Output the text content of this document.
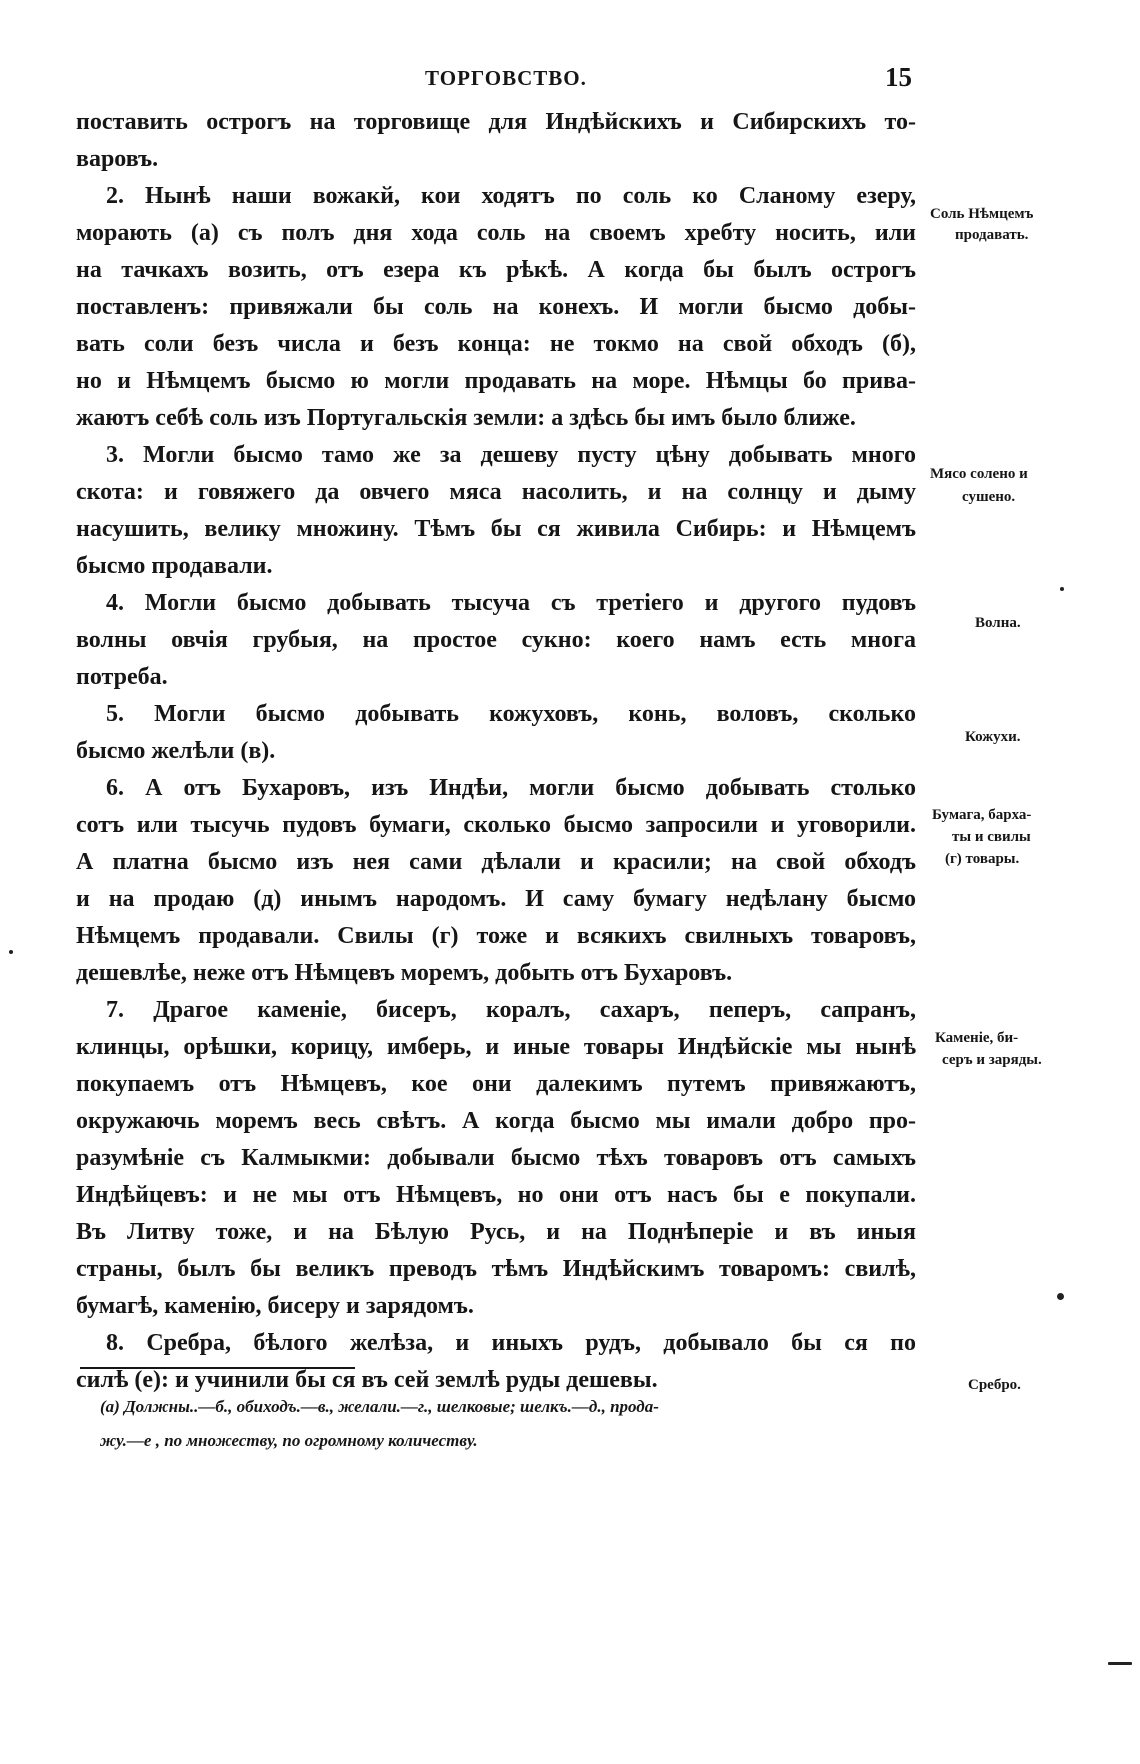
ТОРГОВСТВО.	15
поставить острогъ на торговище для Индѣйскихъ и Сибирскихъ то-
варовъ.
2. Нынѣ наши вожакй, кои ходятъ по соль ко Сланому езеру,
морають (а) съ полъ дня хода соль на своемъ хребту носить, или
на тачкахъ возить, отъ езера къ рѣкѣ. А когда бы былъ острогъ
поставленъ: привяжали бы соль на конехъ. И могли бысмо добы-
вать соли безъ числа и безъ конца: не токмо на свой обходъ (б),
но и Нѣмцемъ бысмо ю могли продавать на море. Нѣмцы бо прива-
жаютъ себѣ соль изъ Португальскія земли: а здѣсь бы имъ было ближе.
3. Могли бысмо тамо же за дешеву пусту цѣну добывать много
скота: и говяжего да овчего мяса насолить, и на солнцу и дыму
насушить, велику множину. Тѣмъ бы ся живила Сибирь: и Нѣмцемъ
бысмо продавали.
4. Могли бысмо добывать тысуча съ третiего и другого пудовъ
волны овчія грубыя, на простое сукно: коего намъ есть многа
потреба.
5. Могли бысмо добывать кожуховъ, конь, воловъ, сколько
бысмо желѣли (в).
6. А отъ Бухаровъ, изъ Индѣи, могли бысмо добывать столько
сотъ или тысучь пудовъ бумаги, сколько бысмо запросили и уговорили.
А платна бысмо изъ нея сами дѣлали и красили; на свой обходъ
и на продаю (д) инымъ народомъ. И саму бумагу недѣлану бысмо
Нѣмцемъ продавали. Свилы (г) тоже и всякихъ свилныхъ товаровъ,
дешевлѣе, неже отъ Нѣмцевъ моремъ, добыть отъ Бухаровъ.
7. Драгое каменiе, бисеръ, коралъ, сахаръ, пеперъ, сапранъ,
клинцы, орѣшки, корицу, имберь, и иные товары Индѣйскiе мы нынѣ
покупаемъ отъ Нѣмцевъ, кое они далекимъ путемъ привяжаютъ,
окружаючь моремъ весь свѣтъ. А когда бысмо мы имали добро про-
разумѣнiе съ Калмыкми: добывали бысмо тѣхъ товаровъ отъ самыхъ
Индѣйцевъ: и не мы отъ Нѣмцевъ, но они отъ насъ бы е покупали.
Въ Литву тоже, и на Бѣлую Русь, и на Поднѣперiе и въ иныя
страны, былъ бы великъ преводъ тѣмъ Индѣйскимъ товаромъ: свилѣ,
бумагѣ, каменiю, бисеру и зарядомъ.
8. Сребра, бѣлого желѣза, и иныхъ рудъ, добывало бы ся по
силѣ (е): и учинили бы ся въ сей землѣ руды дешевы.
Соль Нѣмцемъ
продавать.
Мясо солено и
сушено.
Волна.
Кожухи.
Бумага, барха-
ты и свилы
(г) товары.
Каменiе, би-
серъ и заряды.
Сребро.
(а) Должны..—б., обиходъ.—в., желали.—г., шелковые; шелкъ.—д., прода-
жу.—е , по множеству, по огромному количеству.
